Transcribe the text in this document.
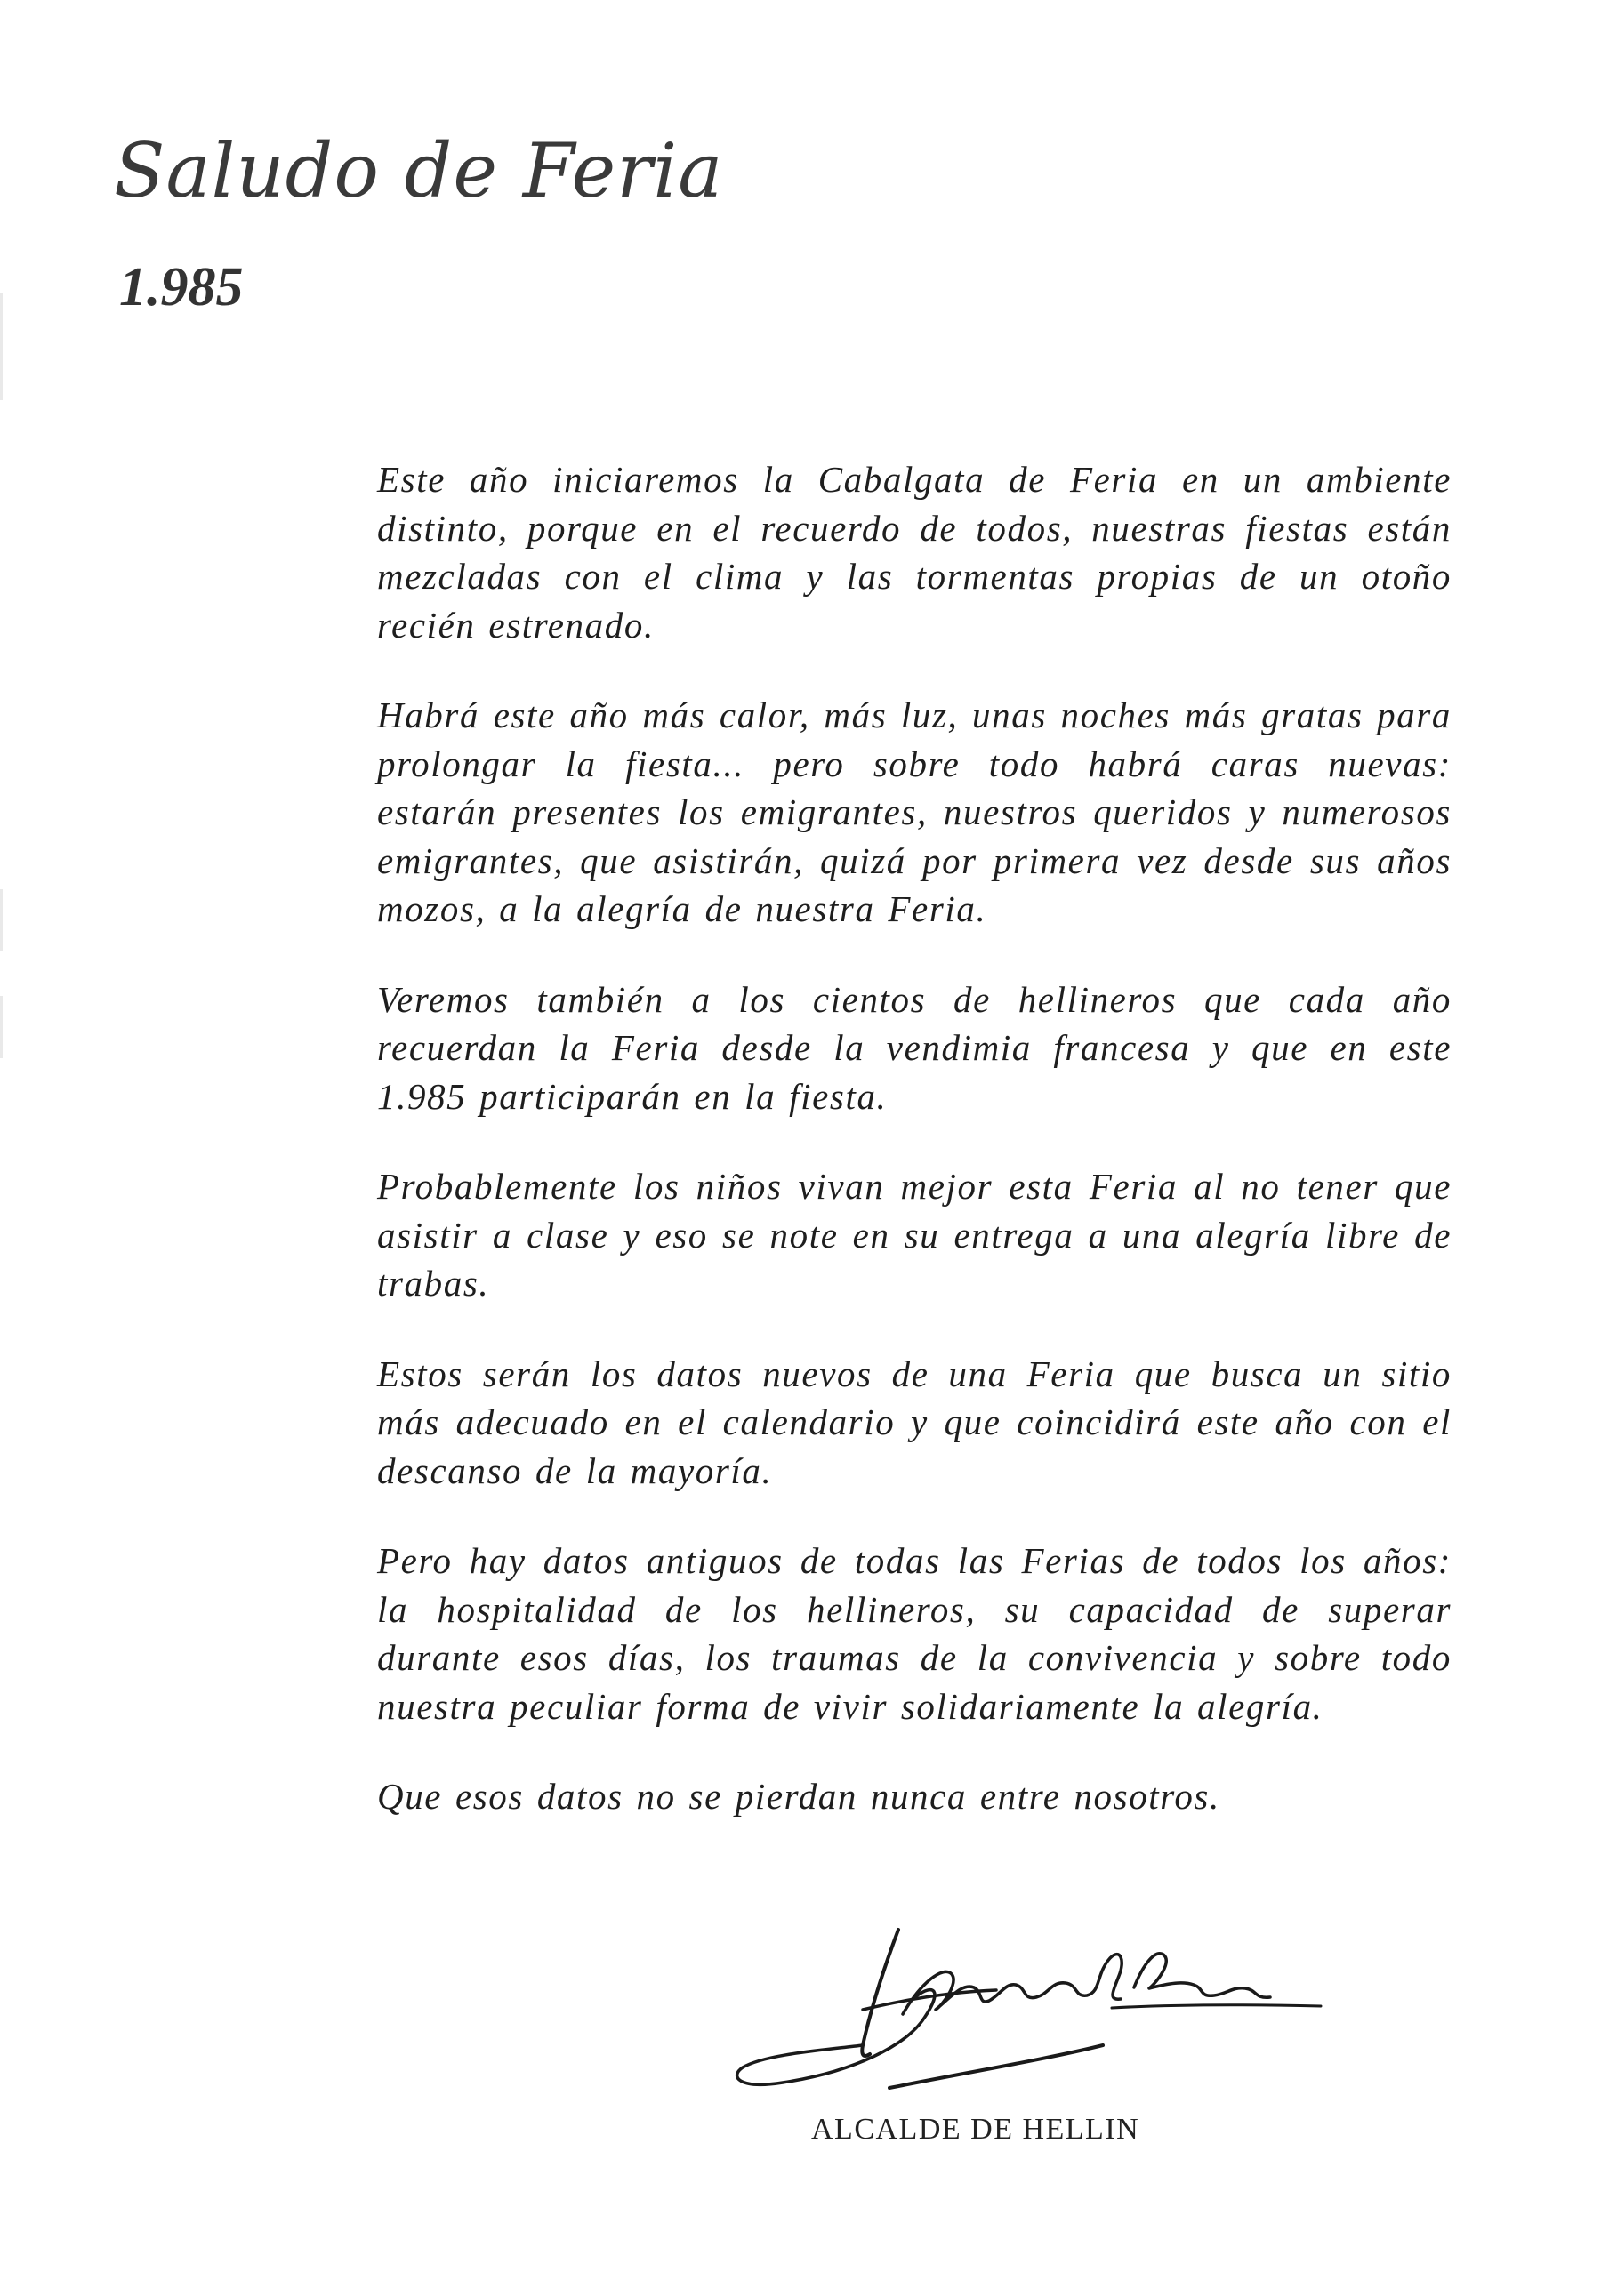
Saludo de Feria
1.985

Este año iniciaremos la Cabalgata de Feria en un ambiente distinto, porque en el recuerdo de todos, nuestras fiestas están mezcladas con el clima y las tormentas propias de un otoño recién estrenado.

Habrá este año más calor, más luz, unas noches más gratas para prolongar la fiesta... pero sobre todo habrá caras nuevas: estarán presentes los emigrantes, nuestros queridos y numerosos emigrantes, que asistirán, quizá por primera vez desde sus años mozos, a la alegría de nuestra Feria.

Veremos también a los cientos de hellineros que cada año recuerdan la Feria desde la vendimia francesa y que en este 1.985 participarán en la fiesta.

Probablemente los niños vivan mejor esta Feria al no tener que asistir a clase y eso se note en su entrega a una alegría libre de trabas.

Estos serán los datos nuevos de una Feria que busca un sitio más adecuado en el calendario y que coincidirá este año con el descanso de la mayoría.

Pero hay datos antiguos de todas las Ferias de todos los años: la hospitalidad de los hellineros, su capacidad de superar durante esos días, los traumas de la convivencia y sobre todo nuestra peculiar forma de vivir solidariamente la alegría.

Que esos datos no se pierdan nunca entre nosotros.

ALCALDE DE HELLIN
